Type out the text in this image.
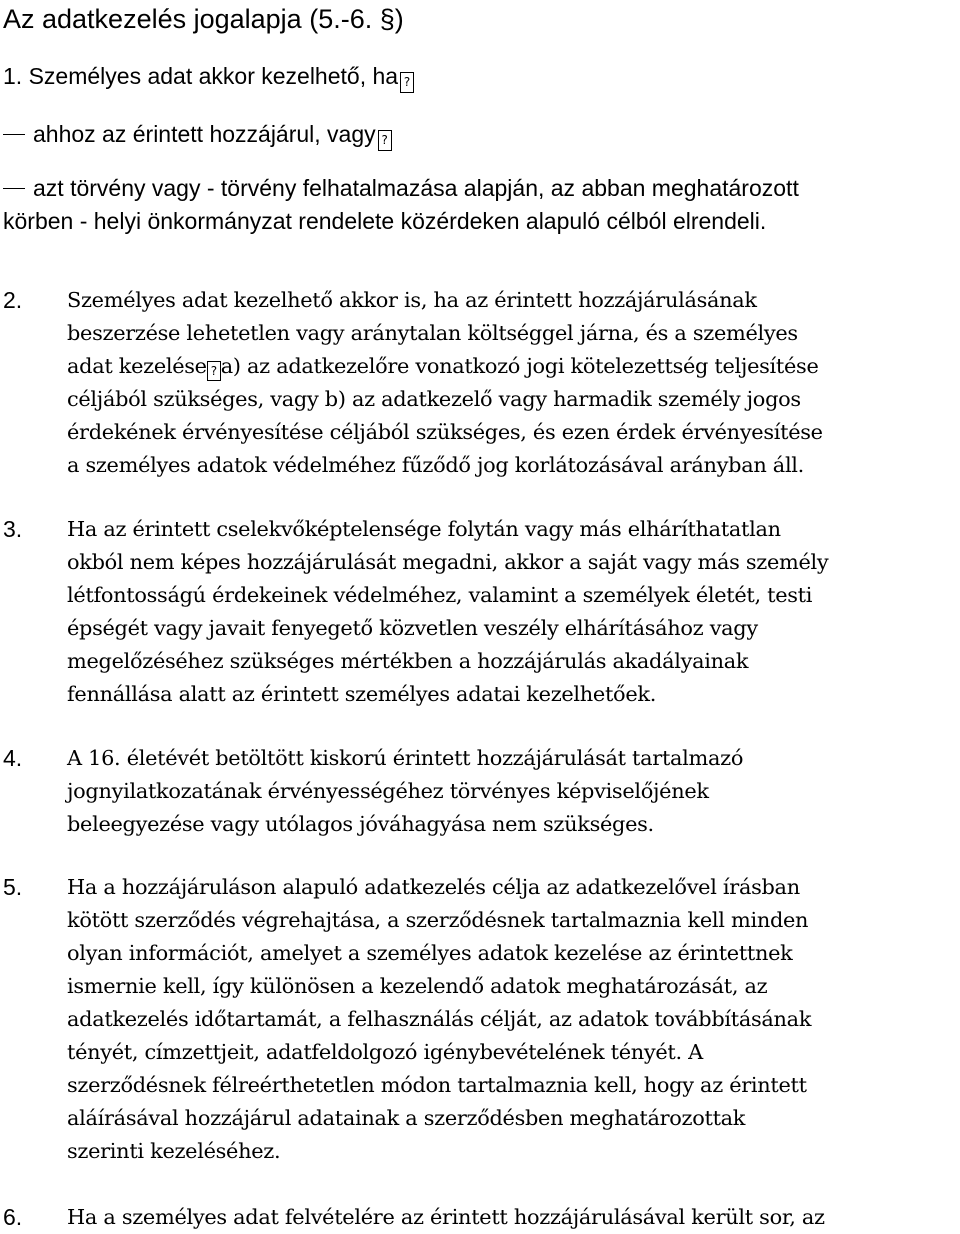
Az adatkezelés jogalapja (5.-6. §)
1. Személyes adat akkor kezelhető, ha ?
ahhoz az érintett hozzájárul, vagy ?
azt törvény vagy - törvény felhatalmazása alapján, az abban meghatározott
körben - helyi önkormányzat rendelete közérdeken alapuló célból elrendeli.
2.	Személyes adat kezelhető akkor is, ha az érintett hozzájárulásának
beszerzése lehetetlen vagy aránytalan költséggel járna, és a személyes
adat kezelése ? a) az adatkezelőre vonatkozó jogi kötelezettség teljesítése
céljából szükséges, vagy b) az adatkezelő vagy harmadik személy jogos
érdekének érvényesítése céljából szükséges, és ezen érdek érvényesítése
a személyes adatok védelméhez fűződő jog korlátozásával arányban áll.
3.	Ha az érintett cselekvőképtelensége folytán vagy más elháríthatatlan
okból nem képes hozzájárulását megadni, akkor a saját vagy más személy
létfontosságú érdekeinek védelméhez, valamint a személyek életét, testi
épségét vagy javait fenyegető közvetlen veszély elhárításához vagy
megelőzéséhez szükséges mértékben a hozzájárulás akadályainak
fennállása alatt az érintett személyes adatai kezelhetőek.
4.	A 16. életévét betöltött kiskorú érintett hozzájárulását tartalmazó
jognyilatkozatának érvényességéhez törvényes képviselőjének
beleegyezése vagy utólagos jóváhagyása nem szükséges.
5.	Ha a hozzájáruláson alapuló adatkezelés célja az adatkezelővel írásban
kötött szerződés végrehajtása, a szerződésnek tartalmaznia kell minden
olyan információt, amelyet a személyes adatok kezelése az érintettnek
ismernie kell, így különösen a kezelendő adatok meghatározását, az
adatkezelés időtartamát, a felhasználás célját, az adatok továbbításának
tényét, címzettjeit, adatfeldolgozó igénybevételének tényét. A
szerződésnek félreérthetetlen módon tartalmaznia kell, hogy az érintett
aláírásával hozzájárul adatainak a szerződésben meghatározottak
szerinti kezeléséhez.
6.	Ha a személyes adat felvételére az érintett hozzájárulásával került sor, az
